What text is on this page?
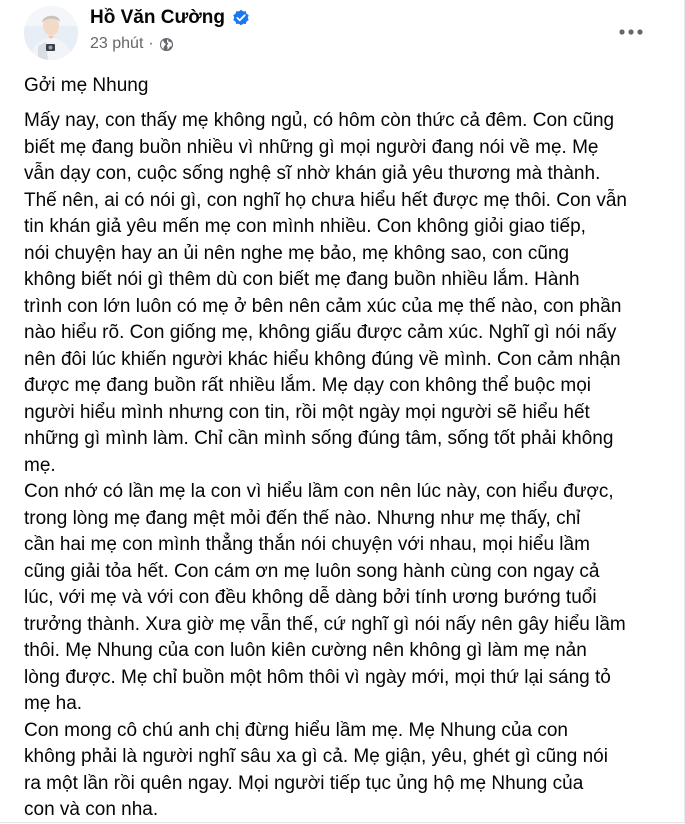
Hồ Văn Cường
23 phút ·

Gởi mẹ Nhung

Mấy nay, con thấy mẹ không ngủ, có hôm còn thức cả đêm. Con cũng
biết mẹ đang buồn nhiều vì những gì mọi người đang nói về mẹ. Mẹ
vẫn dạy con, cuộc sống nghệ sĩ nhờ khán giả yêu thương mà thành.
Thế nên, ai có nói gì, con nghĩ họ chưa hiểu hết được mẹ thôi. Con vẫn
tin khán giả yêu mến mẹ con mình nhiều. Con không giỏi giao tiếp,
nói chuyện hay an ủi nên nghe mẹ bảo, mẹ không sao, con cũng
không biết nói gì thêm dù con biết mẹ đang buồn nhiều lắm. Hành
trình con lớn luôn có mẹ ở bên nên cảm xúc của mẹ thế nào, con phần
nào hiểu rõ. Con giống mẹ, không giấu được cảm xúc. Nghĩ gì nói nấy
nên đôi lúc khiến người khác hiểu không đúng về mình. Con cảm nhận
được mẹ đang buồn rất nhiều lắm. Mẹ dạy con không thể buộc mọi
người hiểu mình nhưng con tin, rồi một ngày mọi người sẽ hiểu hết
những gì mình làm. Chỉ cần mình sống đúng tâm, sống tốt phải không
mẹ.
Con nhớ có lần mẹ la con vì hiểu lầm con nên lúc này, con hiểu được,
trong lòng mẹ đang mệt mỏi đến thế nào. Nhưng như mẹ thấy, chỉ
cần hai mẹ con mình thẳng thắn nói chuyện với nhau, mọi hiểu lầm
cũng giải tỏa hết. Con cám ơn mẹ luôn song hành cùng con ngay cả
lúc, với mẹ và với con đều không dễ dàng bởi tính ương bướng tuổi
trưởng thành. Xưa giờ mẹ vẫn thế, cứ nghĩ gì nói nấy nên gây hiểu lầm
thôi. Mẹ Nhung của con luôn kiên cường nên không gì làm mẹ nản
lòng được. Mẹ chỉ buồn một hôm thôi vì ngày mới, mọi thứ lại sáng tỏ
mẹ ha.
Con mong cô chú anh chị đừng hiểu lầm mẹ. Mẹ Nhung của con
không phải là người nghĩ sâu xa gì cả. Mẹ giận, yêu, ghét gì cũng nói
ra một lần rồi quên ngay. Mọi người tiếp tục ủng hộ mẹ Nhung của
con và con nha.
